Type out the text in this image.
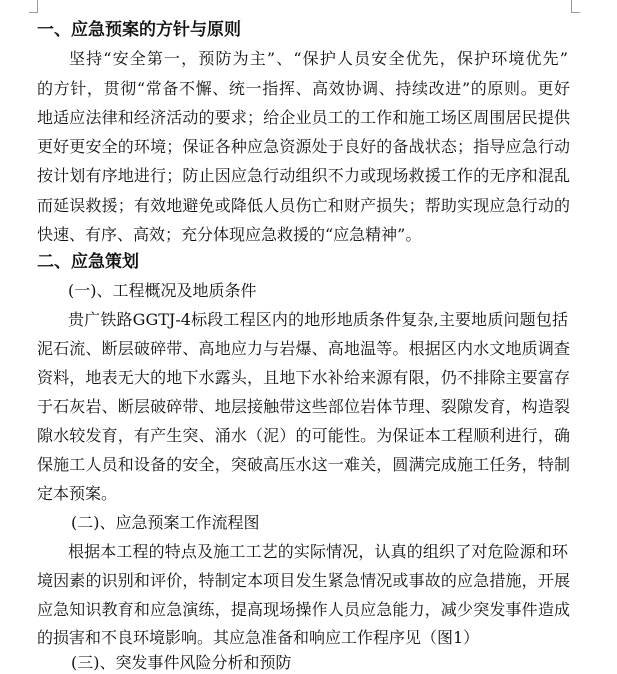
一、应急预案的方针与原则
坚持“安全第一，预防为主”、“保护人员安全优先，保护环境优先”
的方针，贯彻“常备不懈、统一指挥、高效协调、持续改进”的原则。更好
地适应法律和经济活动的要求；给企业员工的工作和施工场区周围居民提供
更好更安全的环境；保证各种应急资源处于良好的备战状态；指导应急行动
按计划有序地进行；防止因应急行动组织不力或现场救援工作的无序和混乱
而延误救援；有效地避免或降低人员伤亡和财产损失；帮助实现应急行动的
快速、有序、高效；充分体现应急救援的“应急精神”。
二、应急策划
(一)、工程概况及地质条件
贵广铁路GGTJ-4标段工程区内的地形地质条件复杂,主要地质问题包括
泥石流、断层破碎带、高地应力与岩爆、高地温等。根据区内水文地质调查
资料，地表无大的地下水露头，且地下水补给来源有限，仍不排除主要富存
于石灰岩、断层破碎带、地层接触带这些部位岩体节理、裂隙发育，构造裂
隙水较发育，有产生突、涌水（泥）的可能性。为保证本工程顺利进行，确
保施工人员和设备的安全，突破高压水这一难关，圆满完成施工任务，特制
定本预案。
(二)、应急预案工作流程图
根据本工程的特点及施工工艺的实际情况，认真的组织了对危险源和环
境因素的识别和评价，特制定本项目发生紧急情况或事故的应急措施，开展
应急知识教育和应急演练，提高现场操作人员应急能力，减少突发事件造成
的损害和不良环境影响。其应急准备和响应工作程序见（图1）
(三)、突发事件风险分析和预防
